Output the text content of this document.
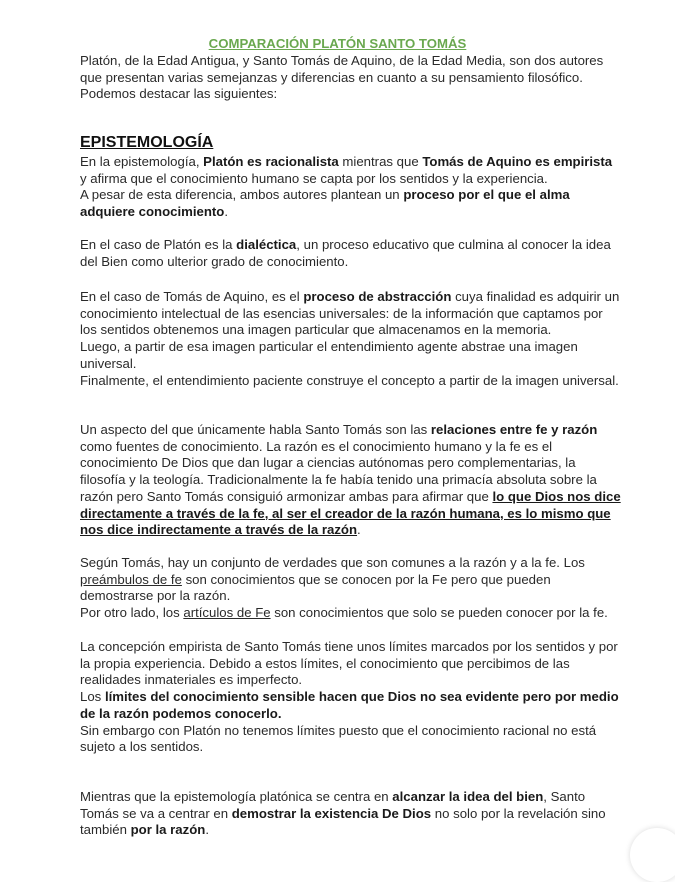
COMPARACIÓN PLATÓN SANTO TOMÁS
EPISTEMOLOGÍA
Platón, de la Edad Antigua, y Santo Tomás de Aquino, de la Edad Media, son dos autores
que presentan varias semejanzas y diferencias en cuanto a su pensamiento filosófico.
Podemos destacar las siguientes:
En la epistemología, Platón es racionalista mientras que Tomás de Aquino es empirista
y afirma que el conocimiento humano se capta por los sentidos y la experiencia.
A pesar de esta diferencia, ambos autores plantean un proceso por el que el alma
adquiere conocimiento.
En el caso de Platón es la dialéctica, un proceso educativo que culmina al conocer la idea
del Bien como ulterior grado de conocimiento.
En el caso de Tomás de Aquino, es el proceso de abstracción cuya finalidad es adquirir un
conocimiento intelectual de las esencias universales: de la información que captamos por
los sentidos obtenemos una imagen particular que almacenamos en la memoria.
Luego, a partir de esa imagen particular el entendimiento agente abstrae una imagen
universal.
Finalmente, el entendimiento paciente construye el concepto a partir de la imagen universal.
Un aspecto del que únicamente habla Santo Tomás son las relaciones entre fe y razón
como fuentes de conocimiento. La razón es el conocimiento humano y la fe es el
conocimiento De Dios que dan lugar a ciencias autónomas pero complementarias, la
filosofía y la teología. Tradicionalmente la fe había tenido una primacía absoluta sobre la
razón pero Santo Tomás consiguió armonizar ambas para afirmar que lo que Dios nos dice
directamente a través de la fe, al ser el creador de la razón humana, es lo mismo que
nos dice indirectamente a través de la razón.
Según Tomás, hay un conjunto de verdades que son comunes a la razón y a la fe. Los
preámbulos de fe son conocimientos que se conocen por la Fe pero que pueden
demostrarse por la razón.
Por otro lado, los artículos de Fe son conocimientos que solo se pueden conocer por la fe.
La concepción empirista de Santo Tomás tiene unos límites marcados por los sentidos y por
la propia experiencia. Debido a estos límites, el conocimiento que percibimos de las
realidades inmateriales es imperfecto.
Los límites del conocimiento sensible hacen que Dios no sea evidente pero por medio
de la razón podemos conocerlo.
Sin embargo con Platón no tenemos límites puesto que el conocimiento racional no está
sujeto a los sentidos.
Mientras que la epistemología platónica se centra en alcanzar la idea del bien, Santo
Tomás se va a centrar en demostrar la existencia De Dios no solo por la revelación sino
también por la razón.
